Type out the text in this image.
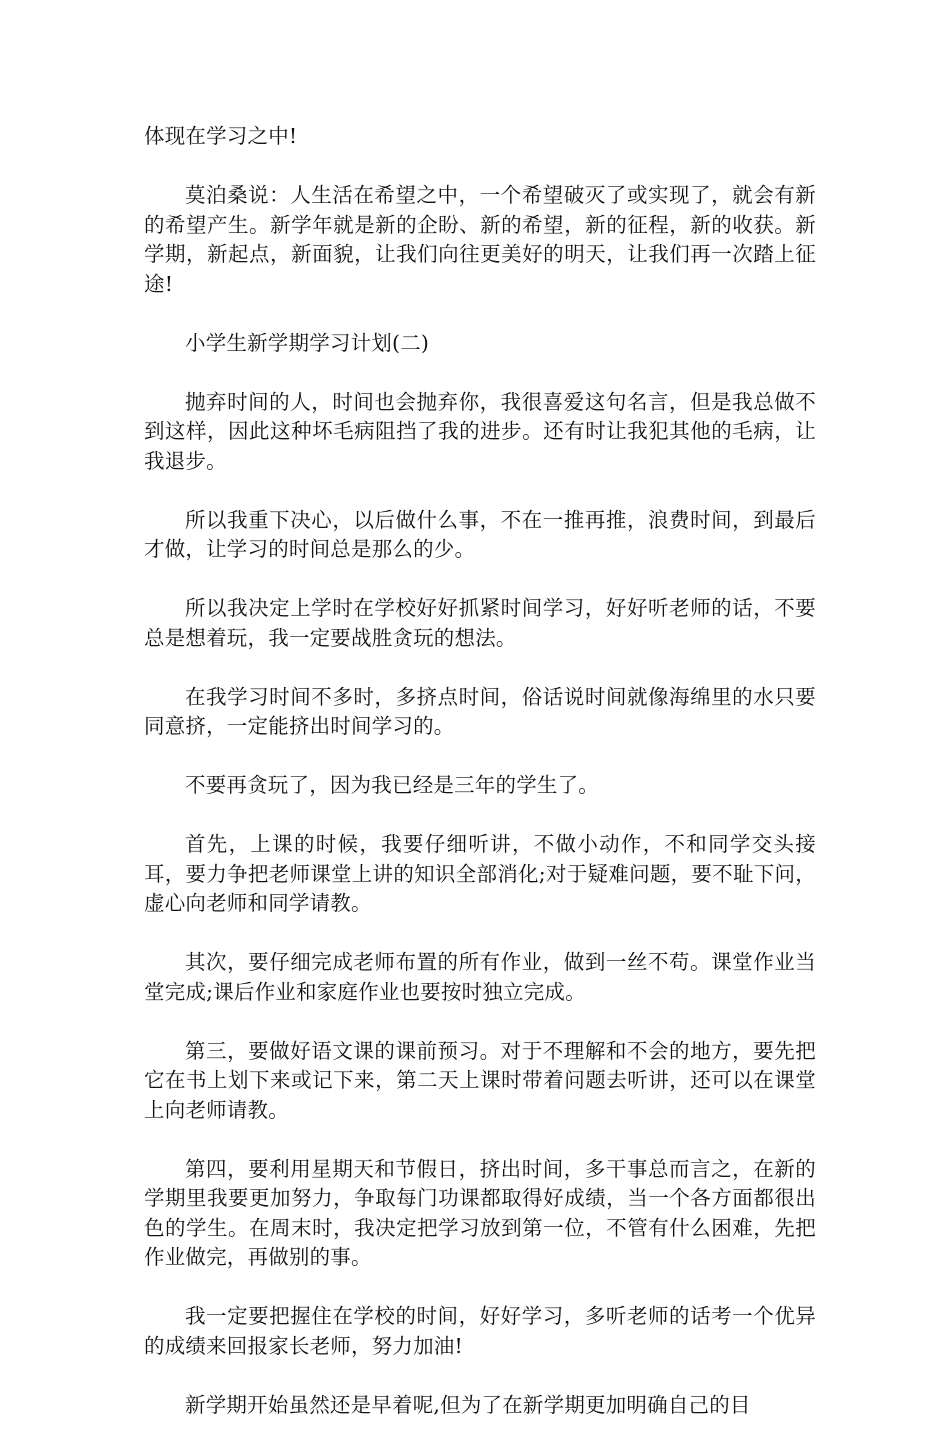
体现在学习之中!

莫泊桑说：人生活在希望之中，一个希望破灭了或实现了，就会有新的希望产生。新学年就是新的企盼、新的希望，新的征程，新的收获。新学期，新起点，新面貌，让我们向往更美好的明天，让我们再一次踏上征途!

小学生新学期学习计划(二)

抛弃时间的人，时间也会抛弃你，我很喜爱这句名言，但是我总做不到这样，因此这种坏毛病阻挡了我的进步。还有时让我犯其他的毛病，让我退步。

所以我重下决心，以后做什么事，不在一推再推，浪费时间，到最后才做，让学习的时间总是那么的少。

所以我决定上学时在学校好好抓紧时间学习，好好听老师的话，不要总是想着玩，我一定要战胜贪玩的想法。

在我学习时间不多时，多挤点时间，俗话说时间就像海绵里的水只要同意挤，一定能挤出时间学习的。

不要再贪玩了，因为我已经是三年的学生了。

首先，上课的时候，我要仔细听讲，不做小动作，不和同学交头接耳，要力争把老师课堂上讲的知识全部消化;对于疑难问题，要不耻下问，虚心向老师和同学请教。

其次，要仔细完成老师布置的所有作业，做到一丝不苟。课堂作业当堂完成;课后作业和家庭作业也要按时独立完成。

第三，要做好语文课的课前预习。对于不理解和不会的地方，要先把它在书上划下来或记下来，第二天上课时带着问题去听讲，还可以在课堂上向老师请教。

第四，要利用星期天和节假日，挤出时间，多干事总而言之，在新的学期里我要更加努力，争取每门功课都取得好成绩，当一个各方面都很出色的学生。在周末时，我决定把学习放到第一位，不管有什么困难，先把作业做完，再做别的事。

我一定要把握住在学校的时间，好好学习，多听老师的话考一个优异的成绩来回报家长老师，努力加油!

新学期开始虽然还是早着呢,但为了在新学期更加明确自己的目
